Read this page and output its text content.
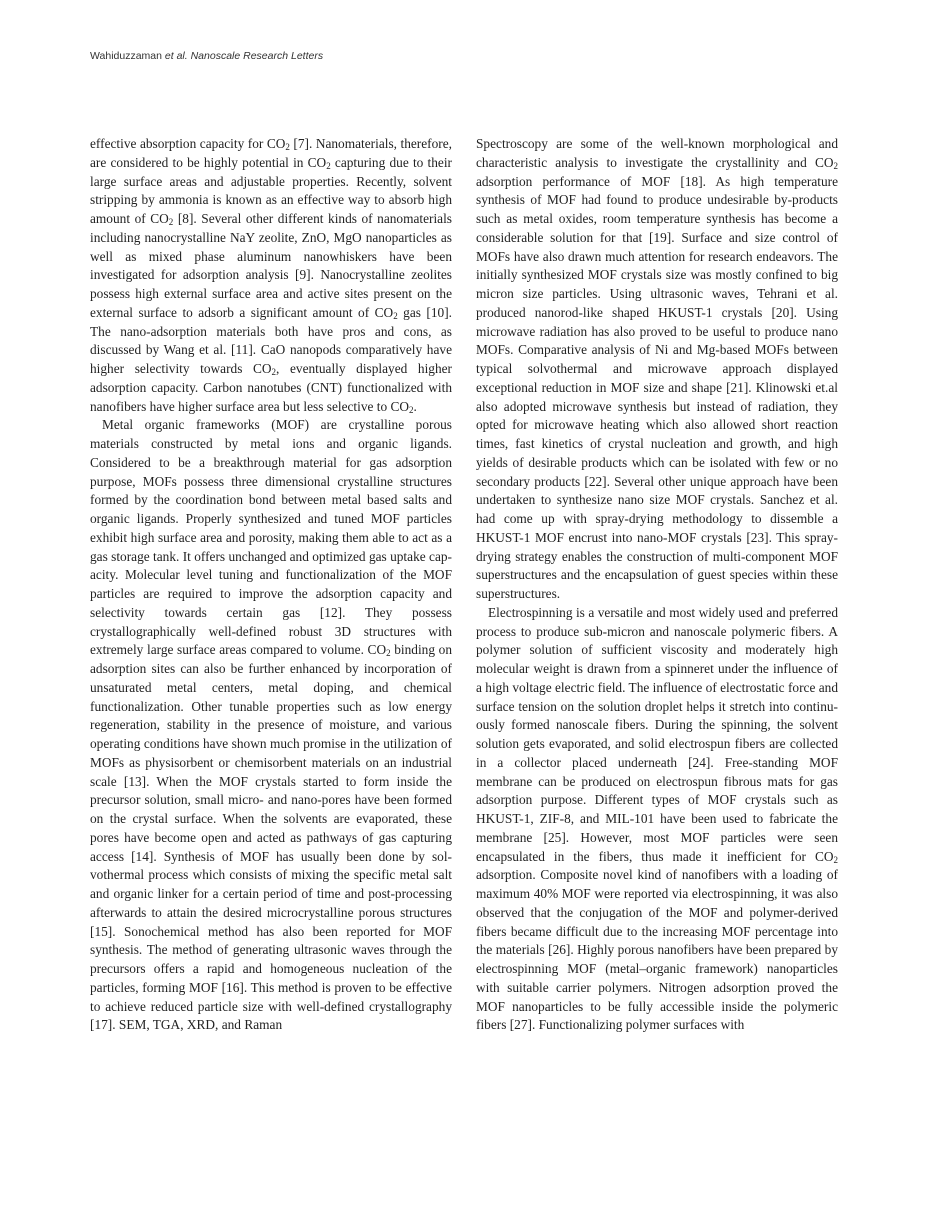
Wahiduzzaman et al. Nanoscale Research Letters

effective absorption capacity for $CO_2$ [7]. Nanomaterials, therefore, are considered to be highly potential in $CO_2$ capturing due to their large surface areas and adjustable properties. Recently, solvent stripping by ammonia is known as an effective way to absorb high amount of $CO_2$ [8]. Several other different kinds of nanomaterials including nanocrystalline NaY zeolite, ZnO, MgO nanoparticles as well as mixed phase aluminum nanowhiskers have been investigated for adsorption analysis [9]. Nanocrystalline zeolites possess high external surface area and active sites present on the external surface to adsorb a significant amount of $CO_2$ gas [10]. The nano-adsorption materials both have pros and cons, as discussed by Wang et al. [11]. CaO nanopods comparatively have higher selectivity towards $CO_2$, eventually displayed higher adsorption capacity. Carbon nanotubes (CNT) functionalized with nanofibers have higher surface area but less selective to $CO_2$.

Metal organic frameworks (MOF) are crystalline porous materials constructed by metal ions and organic ligands. Considered to be a breakthrough material for gas adsorption purpose, MOFs possess three dimensional crystalline structures formed by the coordination bond between metal based salts and organic ligands. Properly synthesized and tuned MOF particles exhibit high surface area and porosity, making them able to act as a gas storage tank. It offers unchanged and optimized gas uptake capacity. Molecular level tuning and functionalization of the MOF particles are required to improve the adsorption capacity and selectivity towards certain gas [12]. They possess crystallographically well-defined robust 3D structures with extremely large surface areas compared to volume. $CO_2$ binding on adsorption sites can also be further enhanced by incorporation of unsaturated metal centers, metal doping, and chemical functionalization. Other tunable properties such as low energy regeneration, stability in the presence of moisture, and various operating conditions have shown much promise in the utilization of MOFs as physisorbent or chemisorbent materials on an industrial scale [13]. When the MOF crystals started to form inside the precursor solution, small micro- and nano-pores have been formed on the crystal surface. When the solvents are evaporated, these pores have become open and acted as pathways of gas capturing access [14]. Synthesis of MOF has usually been done by solvothermal process which consists of mixing the specific metal salt and organic linker for a certain period of time and post-processing afterwards to attain the desired microcrystalline porous structures [15]. Sonochemical method has also been reported for MOF synthesis. The method of generating ultrasonic waves through the precursors offers a rapid and homogeneous nucleation of the particles, forming MOF [16]. This method is proven to be effective to achieve reduced particle size with well-defined crystallography [17]. SEM, TGA, XRD, and Raman

Spectroscopy are some of the well-known morphological and characteristic analysis to investigate the crystallinity and $CO_2$ adsorption performance of MOF [18]. As high temperature synthesis of MOF had found to produce undesirable by-products such as metal oxides, room temperature synthesis has become a considerable solution for that [19]. Surface and size control of MOFs have also drawn much attention for research endeavors. The initially synthesized MOF crystals size was mostly confined to big micron size particles. Using ultrasonic waves, Tehrani et al. produced nanorod-like shaped HKUST-1 crystals [20]. Using microwave radiation has also proved to be useful to produce nano MOFs. Comparative analysis of Ni and Mg-based MOFs between typical solvothermal and microwave approach displayed exceptional reduction in MOF size and shape [21]. Klinowski et.al also adopted microwave synthesis but instead of radiation, they opted for microwave heating which also allowed short reaction times, fast kinetics of crystal nucleation and growth, and high yields of desirable products which can be isolated with few or no secondary products [22]. Several other unique approach have been undertaken to synthesize nano size MOF crystals. Sanchez et al. had come up with spray-drying methodology to dissemble a HKUST-1 MOF encrust into nano-MOF crystals [23]. This spray-drying strategy enables the construction of multi-component MOF superstructures and the encapsulation of guest species within these superstructures.

Electrospinning is a versatile and most widely used and preferred process to produce sub-micron and nanoscale polymeric fibers. A polymer solution of sufficient viscosity and moderately high molecular weight is drawn from a spinneret under the influence of a high voltage electric field. The influence of electrostatic force and surface tension on the solution droplet helps it stretch into continuously formed nanoscale fibers. During the spinning, the solvent solution gets evaporated, and solid electrospun fibers are collected in a collector placed underneath [24]. Free-standing MOF membrane can be produced on electrospun fibrous mats for gas adsorption purpose. Different types of MOF crystals such as HKUST-1, ZIF-8, and MIL-101 have been used to fabricate the membrane [25]. However, most MOF particles were seen encapsulated in the fibers, thus made it inefficient for $CO_2$ adsorption. Composite novel kind of nanofibers with a loading of maximum 40% MOF were reported via electrospinning, it was also observed that the conjugation of the MOF and polymer-derived fibers became difficult due to the increasing MOF percentage into the materials [26]. Highly porous nanofibers have been prepared by electrospinning MOF (metal–organic framework) nanoparticles with suitable carrier polymers. Nitrogen adsorption proved the MOF nanoparticles to be fully accessible inside the polymeric fibers [27]. Functionalizing polymer surfaces with
